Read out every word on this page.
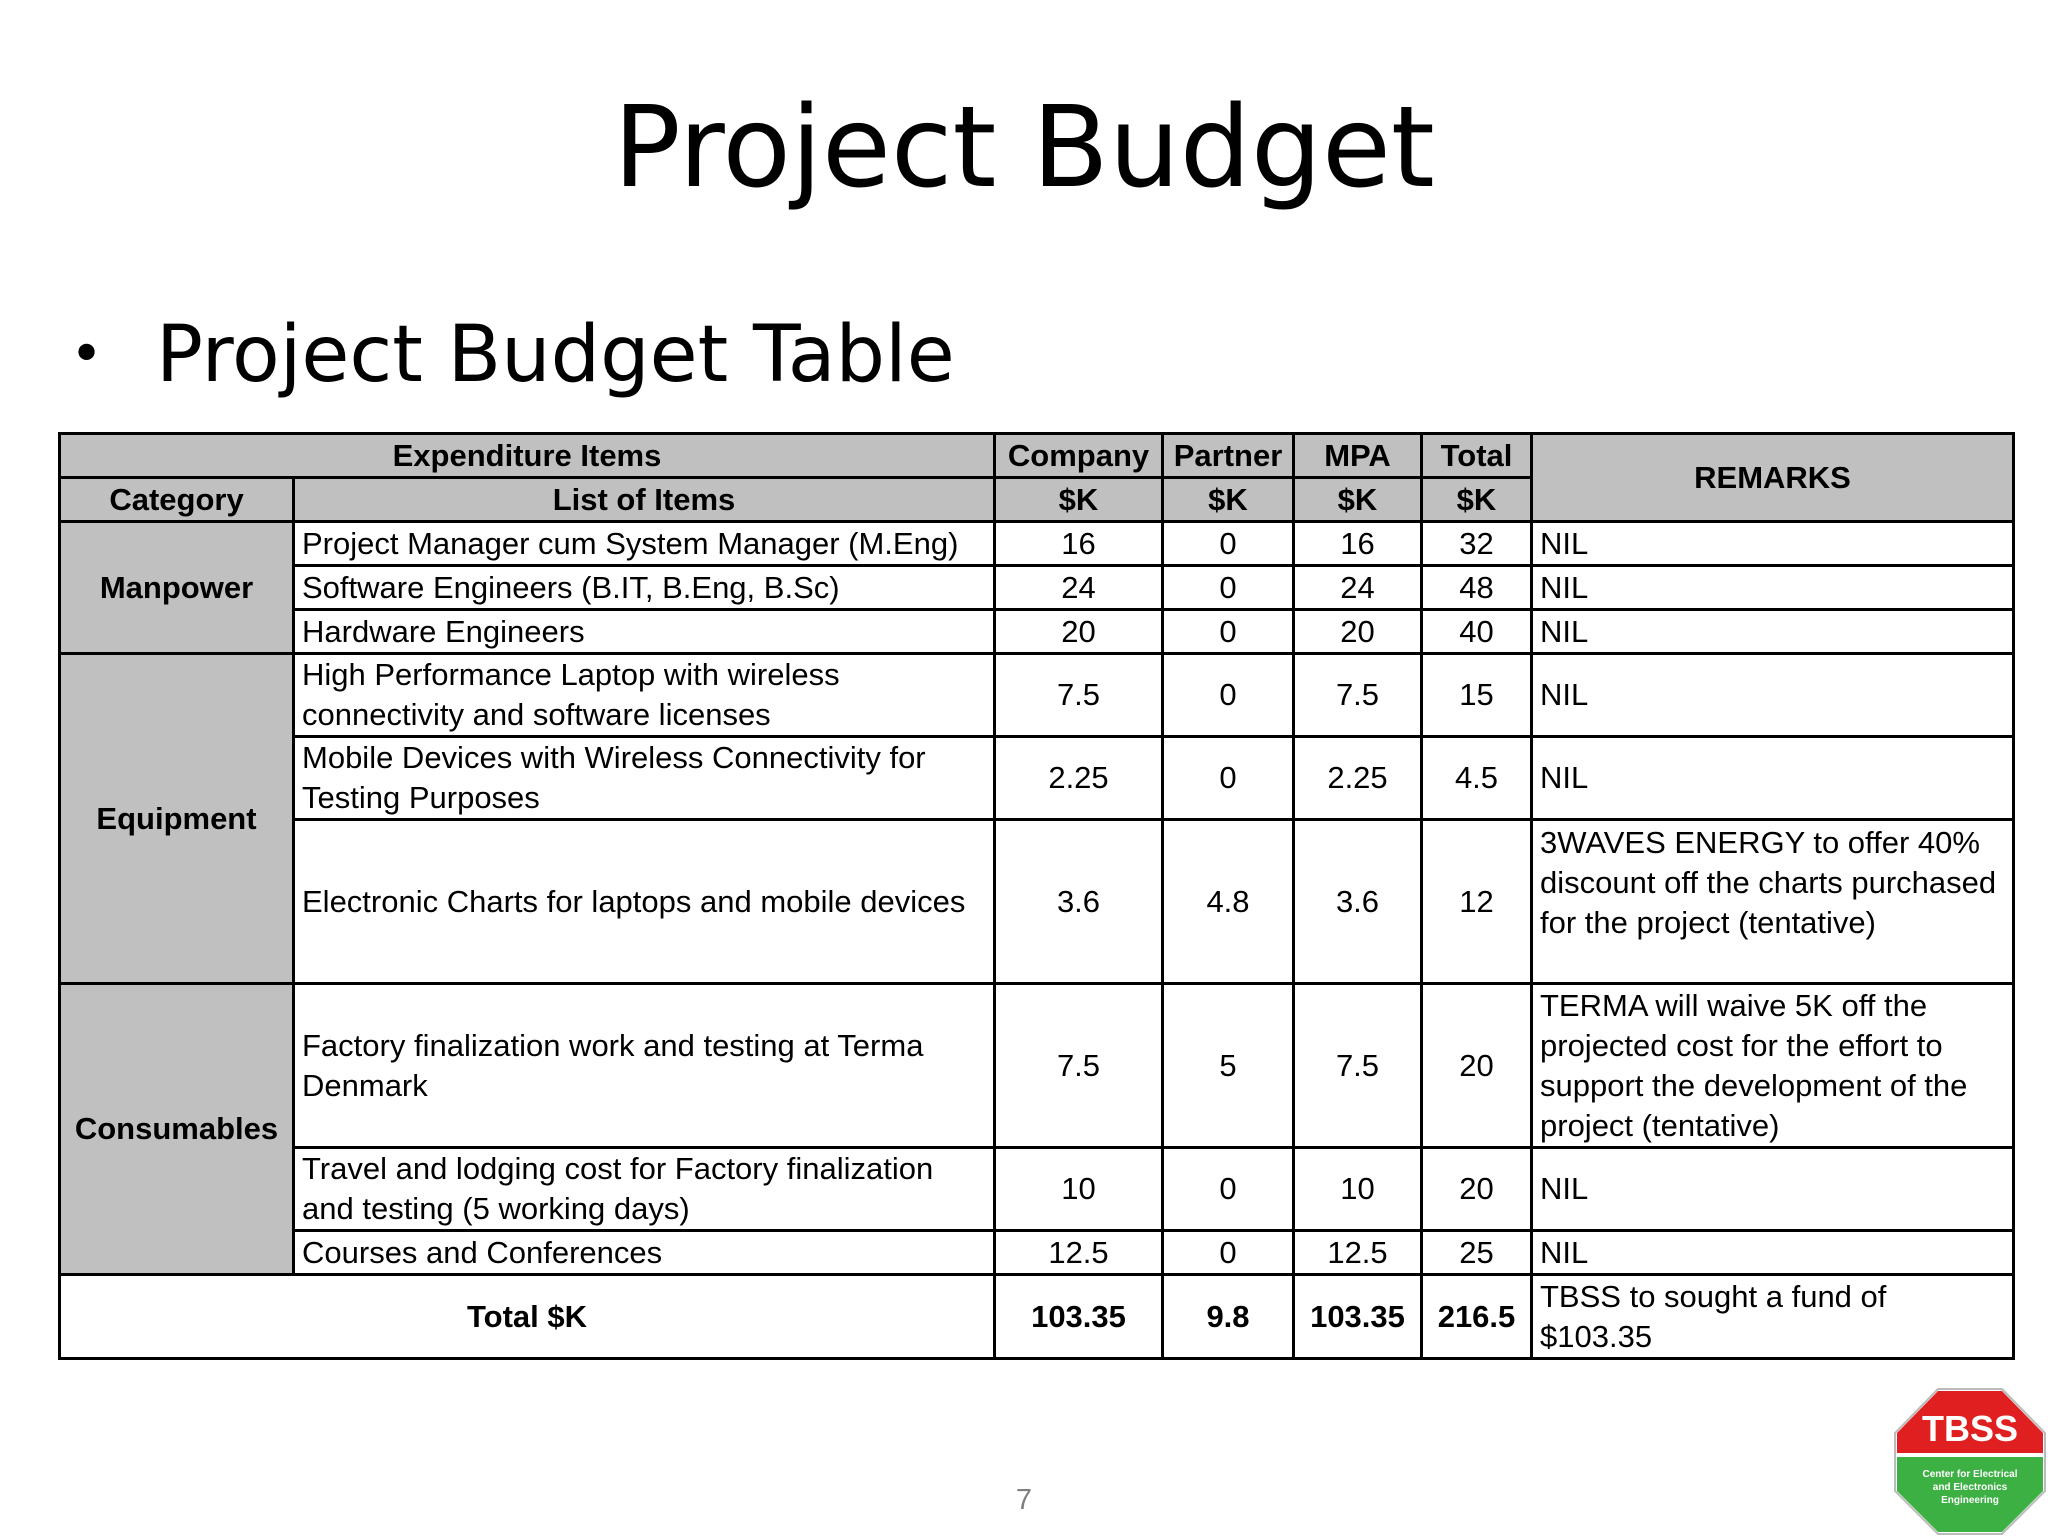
Project Budget
• Project Budget Table
Expenditure Items		Company	Partner	MPA	Total	REMARKS
Category	List of Items	$K	$K	$K	$K	
Manpower	Project Manager cum System Manager (M.Eng)	16	0	16	32	NIL
	Software Engineers (B.IT, B.Eng, B.Sc)	24	0	24	48	NIL
	Hardware Engineers	20	0	20	40	NIL
Equipment	High Performance Laptop with wireless connectivity and software licenses	7.5	0	7.5	15	NIL
	Mobile Devices with Wireless Connectivity for Testing Purposes	2.25	0	2.25	4.5	NIL
	Electronic Charts for laptops and mobile devices	3.6	4.8	3.6	12	3WAVES ENERGY to offer 40% discount off the charts purchased for the project (tentative)
Consumables	Factory finalization work and testing at Terma Denmark	7.5	5	7.5	20	TERMA will waive 5K off the projected cost for the effort to support the development of the project (tentative)
	Travel and lodging cost for Factory finalization and testing (5 working days)	10	0	10	20	NIL
	Courses and Conferences	12.5	0	12.5	25	NIL
Total $K		103.35	9.8	103.35	216.5	TBSS to sought a fund of $103.35
7
TBSS
Center for Electrical
and Electronics
Engineering
